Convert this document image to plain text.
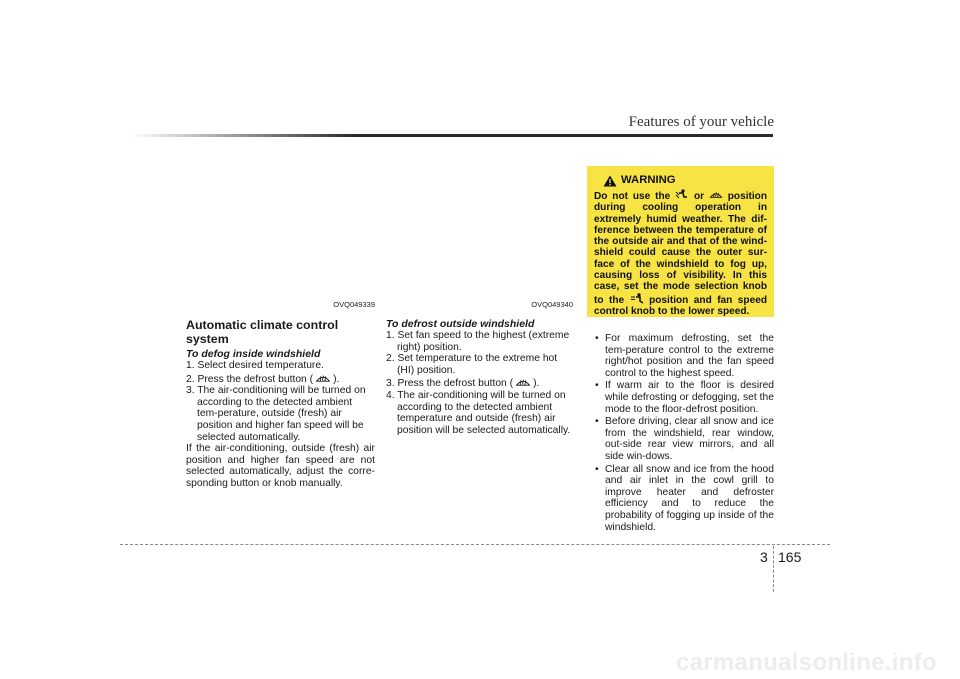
Features of your vehicle
OVQ049339
Automatic climate control system
To defog inside windshield
1. Select desired temperature.
2. Press the defrost button ( ).
3. The air-conditioning will be turned on according to the detected ambient tem-perature, outside (fresh) air position and higher fan speed will be selected automatically.

If the air-conditioning, outside (fresh) air position and higher fan speed are not selected automatically, adjust the corre-sponding button or knob manually.

OVQ049340
To defrost outside windshield
1. Set fan speed to the highest (extreme right) position.
2. Set temperature to the extreme hot (HI) position.
3. Press the defrost button ( ).
4. The air-conditioning will be turned on according to the detected ambient temperature and outside (fresh) air position will be selected automatically.
WARNING

Do not use the or position during cooling operation in extremely humid weather. The dif-ference between the temperature of the outside air and that of the wind-shield could cause the outer sur-face of the windshield to fog up, causing loss of visibility. In this case, set the mode selection knob to the position and fan speed control knob to the lower speed.

• For maximum defrosting, set the tem-perature control to the extreme right/hot position and the fan speed control to the highest speed.
• If warm air to the floor is desired while defrosting or defogging, set the mode to the floor-defrost position.
• Before driving, clear all snow and ice from the windshield, rear window, out-side rear view mirrors, and all side win-dows.
• Clear all snow and ice from the hood and air inlet in the cowl grill to improve heater and defroster efficiency and to reduce the probability of fogging up inside of the windshield.
3 165
carmanualsonline.info
